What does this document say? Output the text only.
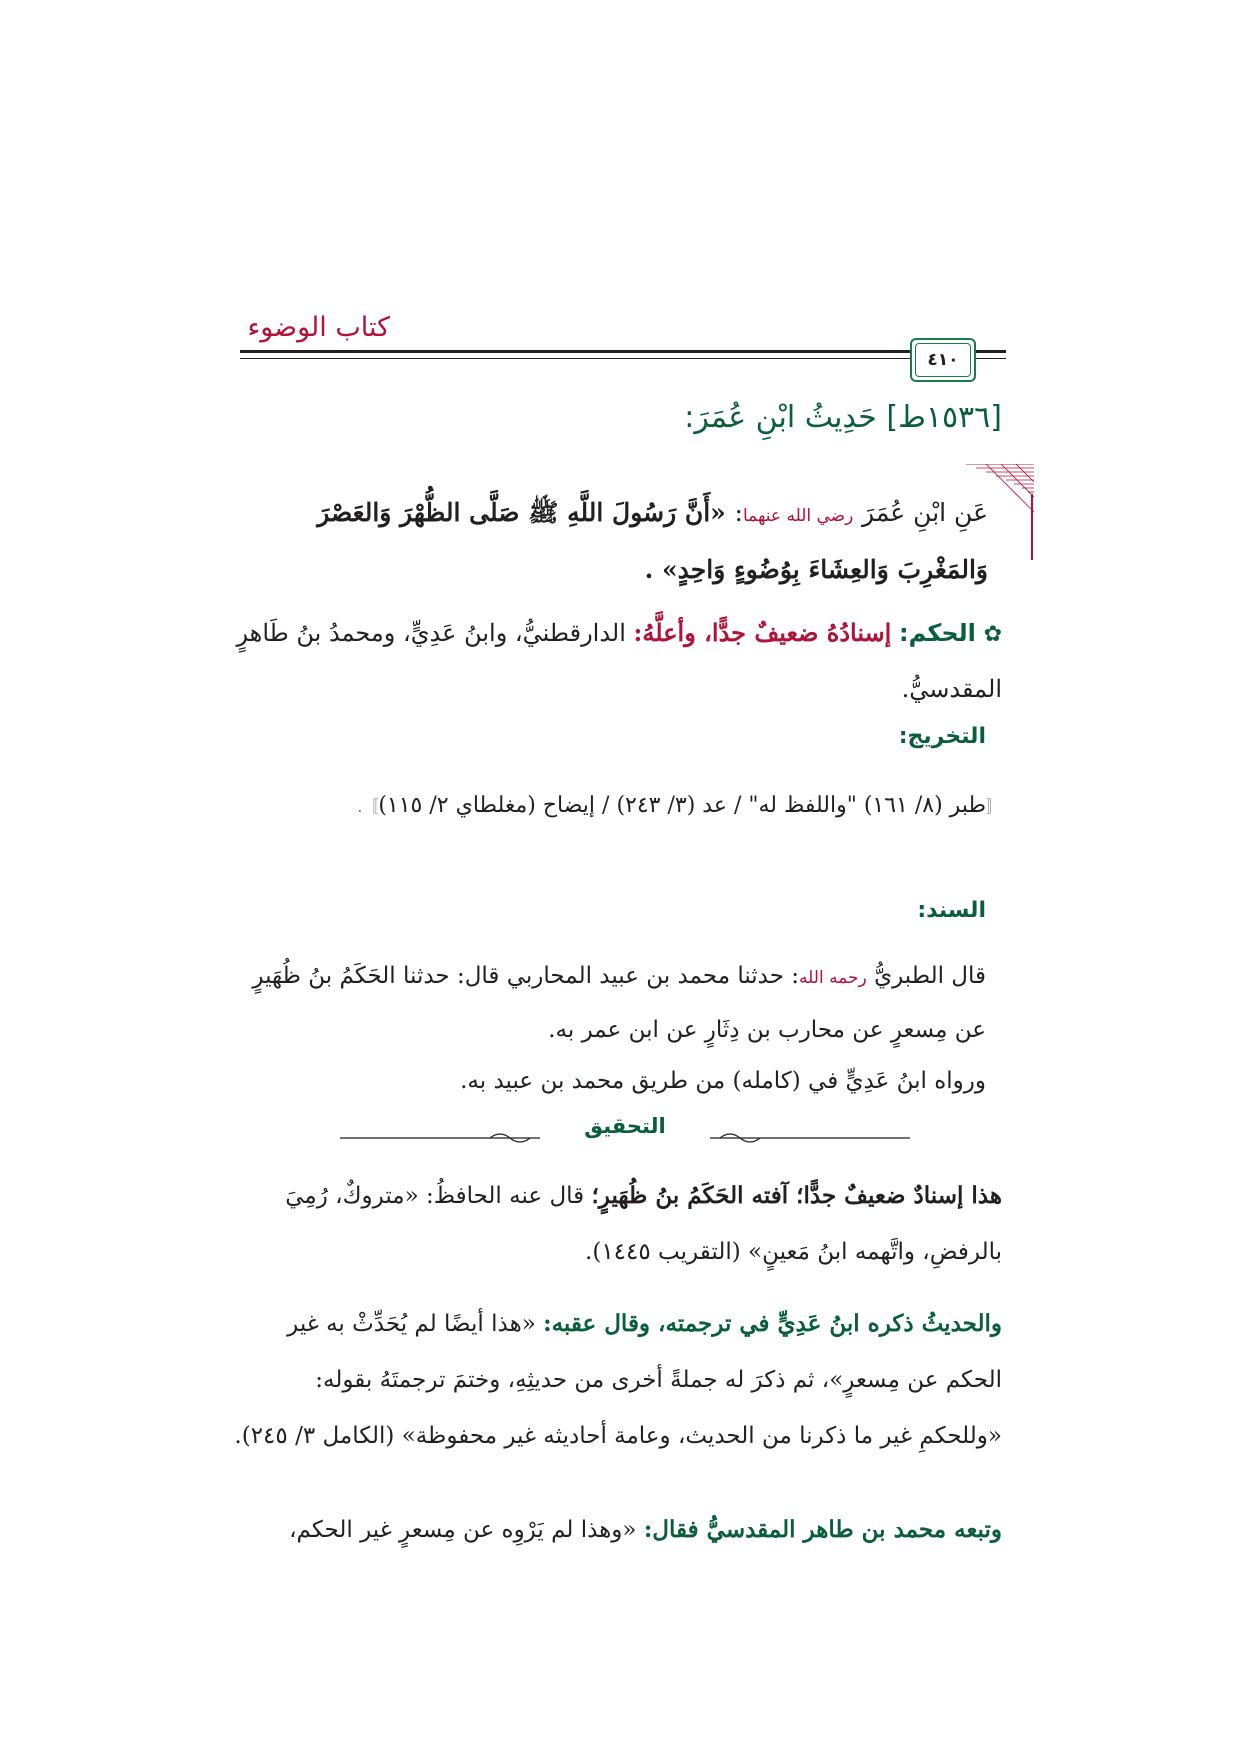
كتاب الوضوء
٤١٠
[١٥٣٦ط] حَدِيثُ ابْنِ عُمَرَ:
عَنِ ابْنِ عُمَرَ رضي الله عنهما: «أَنَّ رَسُولَ اللَّهِ ﷺ صَلَّى الظُّهْرَ وَالعَصْرَ وَالمَغْرِبَ وَالعِشَاءَ بِوُضُوءٍ وَاحِدٍ» .
✿ الحكم: إسنادُهُ ضعيفٌ جدًّا، وأعلَّهُ: الدارقطنيُّ، وابنُ عَدِيٍّ، ومحمدُ بنُ طَاهرٍ المقدسيُّ.
التخريج:
〚طبر (٨/ ١٦١) "واللفظ له" / عد (٣/ ٢٤٣) / إيضاح (مغلطاي ٢/ ١١٥)〛.
السند:
قال الطبريُّ رحمه الله: حدثنا محمد بن عبيد المحاربي قال: حدثنا الحَكَمُ بنُ ظُهَيرٍ عن مِسعرٍ عن محارب بن دِثَارٍ عن ابن عمر به.
ورواه ابنُ عَدِيٍّ في (كامله) من طريق محمد بن عبيد به.
التحقيق
هذا إسنادٌ ضعيفٌ جدًّا؛ آفته الحَكَمُ بنُ ظُهَيرٍ؛ قال عنه الحافظُ: «متروكٌ، رُمِيَ بالرفضِ، واتَّهمه ابنُ مَعينٍ» (التقريب ١٤٤٥).
والحديثُ ذكره ابنُ عَدِيٍّ في ترجمته، وقال عقبه: «هذا أيضًا لم يُحَدِّثْ به غير الحكم عن مِسعرٍ»، ثم ذكرَ له جملةً أخرى من حديثِهِ، وختمَ ترجمتَهُ بقوله: «وللحكمِ غير ما ذكرنا من الحديث، وعامة أحاديثه غير محفوظة» (الكامل ٣/ ٢٤٥).
وتبعه محمد بن طاهر المقدسيُّ فقال: «وهذا لم يَرْوِه عن مِسعرٍ غير الحكم،
